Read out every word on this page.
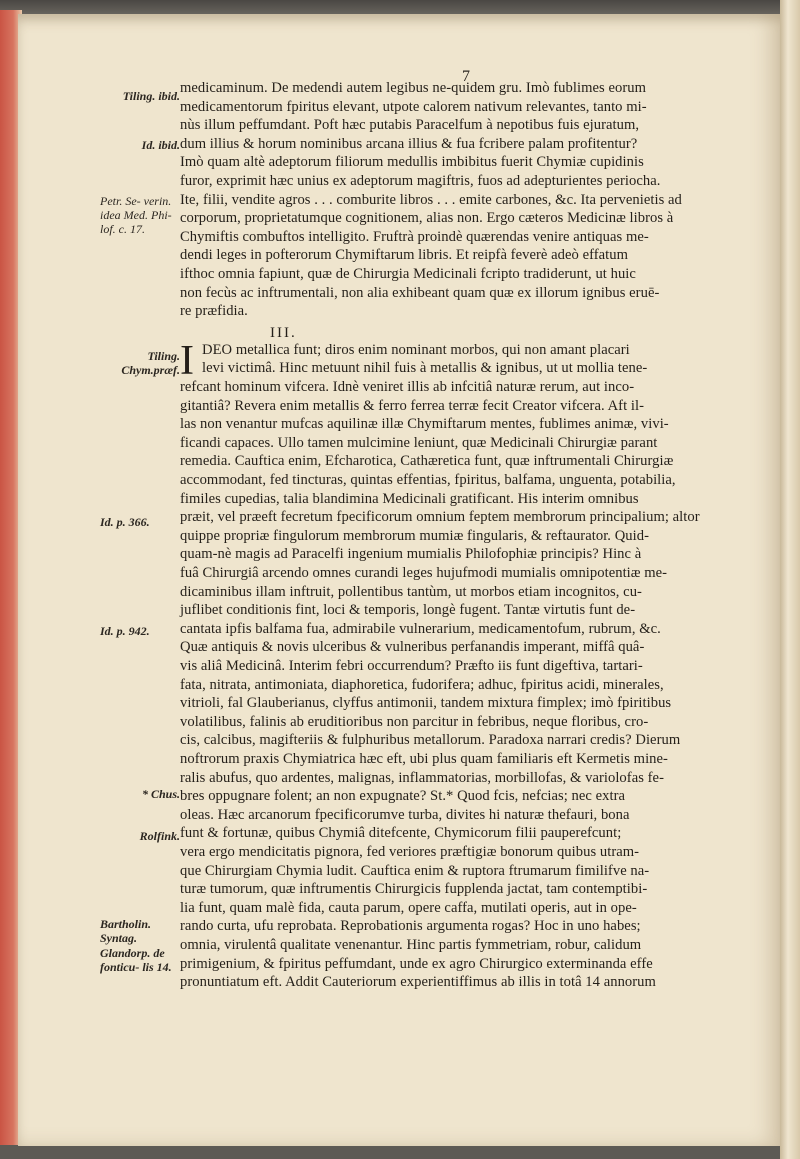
7
III.
I
Tiling. ibid.
Id. ibid.
Petr. Se- verin. idea Med. Phi- lof. c. 17.
Tiling. Chym.præf.
Id. p. 366.
Id. p. 942.
* Chus.
Rolfink.
Bartholin. Syntag.
Glandorp. de fonticu- lis 14.
medicaminum. De medendi autem legibus ne-quidem gru. Imò fublimes eorum
medicamentorum fpiritus elevant, utpote calorem nativum relevantes, tanto mi-
nùs illum peffumdant. Poft hæc putabis Paracelfum à nepotibus fuis ejuratum,
dum illius & horum nominibus arcana illius & fua fcribere palam profitentur?
Imò quam altè adeptorum filiorum medullis imbibitus fuerit Chymiæ cupidinis
furor, exprimit hæc unius ex adeptorum magiftris, fuos ad adepturientes periocha.
Ite, filii, vendite agros . . . comburite libros . . . emite carbones, &c. Ita pervenietis ad
corporum, proprietatumque cognitionem, alias non. Ergo cæteros Medicinæ libros à
Chymiftis combuftos intelligito. Fruftrà proindè quærendas venire antiquas me-
dendi leges in pofterorum Chymiftarum libris. Et reipfà feverè adeò effatum
ifthoc omnia fapiunt, quæ de Chirurgia Medicinali fcripto tradiderunt, ut huic
non fecùs ac inftrumentali, non alia exhibeant quam quæ ex illorum ignibus eruē-
re præfidia.
DEO metallica funt; diros enim nominant morbos, qui non amant placari
levi victimâ. Hinc metuunt nihil fuis à metallis & ignibus, ut ut mollia tene-
refcant hominum vifcera. Idnè veniret illis ab infcitiâ naturæ rerum, aut inco-
gitantiâ? Revera enim metallis & ferro ferrea terræ fecit Creator vifcera. Aft il-
las non venantur mufcas aquilinæ illæ Chymiftarum mentes, fublimes animæ, vivi-
ficandi capaces. Ullo tamen mulcimine leniunt, quæ Medicinali Chirurgiæ parant
remedia. Cauftica enim, Efcharotica, Cathæretica funt, quæ inftrumentali Chirurgiæ
accommodant, fed tincturas, quintas effentias, fpiritus, balfama, unguenta, potabilia,
fimiles cupedias, talia blandimina Medicinali gratificant. His interim omnibus
præit, vel præeft fecretum fpecificorum omnium feptem membrorum principalium; altor
quippe propriæ fingulorum membrorum mumiæ fingularis, & reftaurator. Quid-
quam-nè magis ad Paracelfi ingenium mumialis Philofophiæ principis? Hinc à
fuâ Chirurgiâ arcendo omnes curandi leges hujufmodi mumialis omnipotentiæ me-
dicaminibus illam inftruit, pollentibus tantùm, ut morbos etiam incognitos, cu-
juflibet conditionis fint, loci & temporis, longè fugent. Tantæ virtutis funt de-
cantata ipfis balfama fua, admirabile vulnerarium, medicamentofum, rubrum, &c.
Quæ antiquis & novis ulceribus & vulneribus perfanandis imperant, miffâ quâ-
vis aliâ Medicinâ. Interim febri occurrendum? Præfto iis funt digeftiva, tartari-
fata, nitrata, antimoniata, diaphoretica, fudorifera; adhuc, fpiritus acidi, minerales,
vitrioli, fal Glauberianus, clyffus antimonii, tandem mixtura fimplex; imò fpiritibus
volatilibus, falinis ab eruditioribus non parcitur in febribus, neque floribus, cro-
cis, calcibus, magifteriis & fulphuribus metallorum. Paradoxa narrari credis? Dierum
noftrorum praxis Chymiatrica hæc eft, ubi plus quam familiaris eft Kermetis mine-
ralis abufus, quo ardentes, malignas, inflammatorias, morbillofas, & variolofas fe-
bres oppugnare folent; an non expugnate? St.* Quod fcis, nefcias; nec extra
oleas. Hæc arcanorum fpecificorumve turba, divites hi naturæ thefauri, bona
funt & fortunæ, quibus Chymiâ ditefcente, Chymicorum filii pauperefcunt;
vera ergo mendicitatis pignora, fed veriores præftigiæ bonorum quibus utram-
que Chirurgiam Chymia ludit. Cauftica enim & ruptora ftrumarum fimilifve na-
turæ tumorum, quæ inftrumentis Chirurgicis fupplenda jactat, tam contemptibi-
lia funt, quam malè fida, cauta parum, opere caffa, mutilati operis, aut in ope-
rando curta, ufu reprobata. Reprobationis argumenta rogas? Hoc in uno habes;
omnia, virulentâ qualitate venenantur. Hinc partis fymmetriam, robur, calidum
primigenium, & fpiritus peffumdant, unde ex agro Chirurgico exterminanda effe
pronuntiatum eft. Addit Cauteriorum experientiffimus ab illis in totâ 14 annorum
